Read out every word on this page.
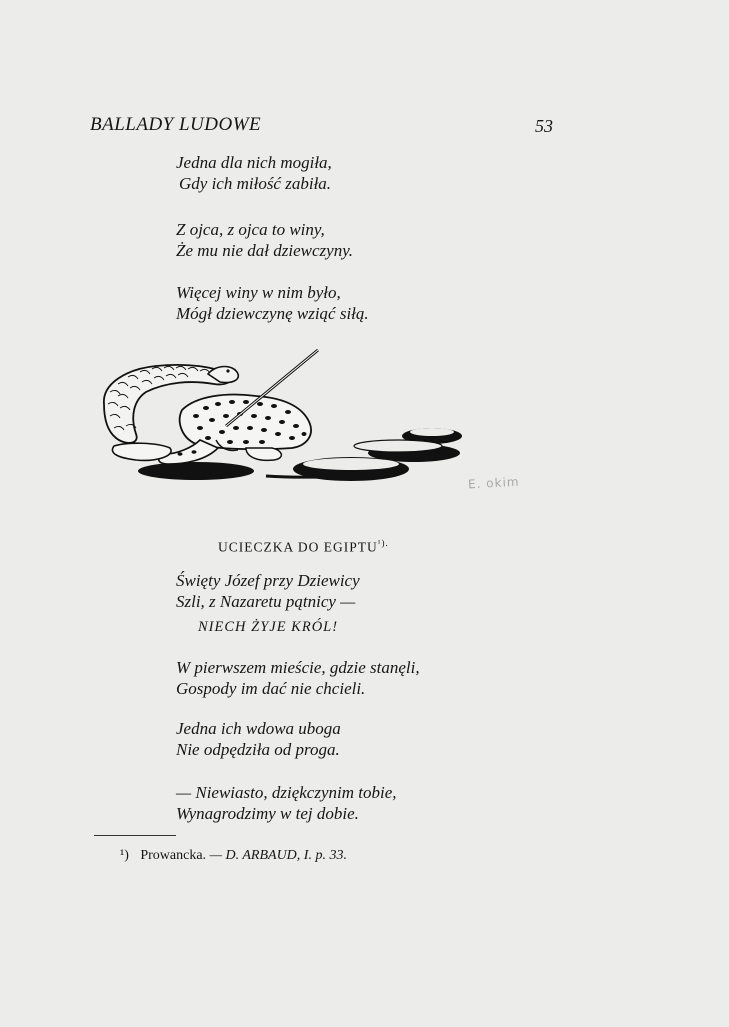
BALLADY LUDOWE	53
Jedna dla nich mogiła,
Gdy ich miłość zabiła.
Z ojca, z ojca to winy,
Że mu nie dał dziewczyny.
Więcej winy w nim było,
Mógł dziewczynę wziąć siłą.
E. okim
UCIECZKA DO $EGIPTU^{^1).}$
Święty Józef przy Dziewicy
Szli, z Nazaretu pątnicy —
NIECH ŻYJE KRÓL!
W pierwszem mieście, gdzie stanęli,
Gospody im dać nie chcieli.
Jedna ich wdowa uboga
Nie odpędziła od proga.
— Niewiasto, dziękczynim tobie,
Wynagrodzimy w tej dobie.
¹) Prowancka. — D. ARBAUD, I. p. 33.
